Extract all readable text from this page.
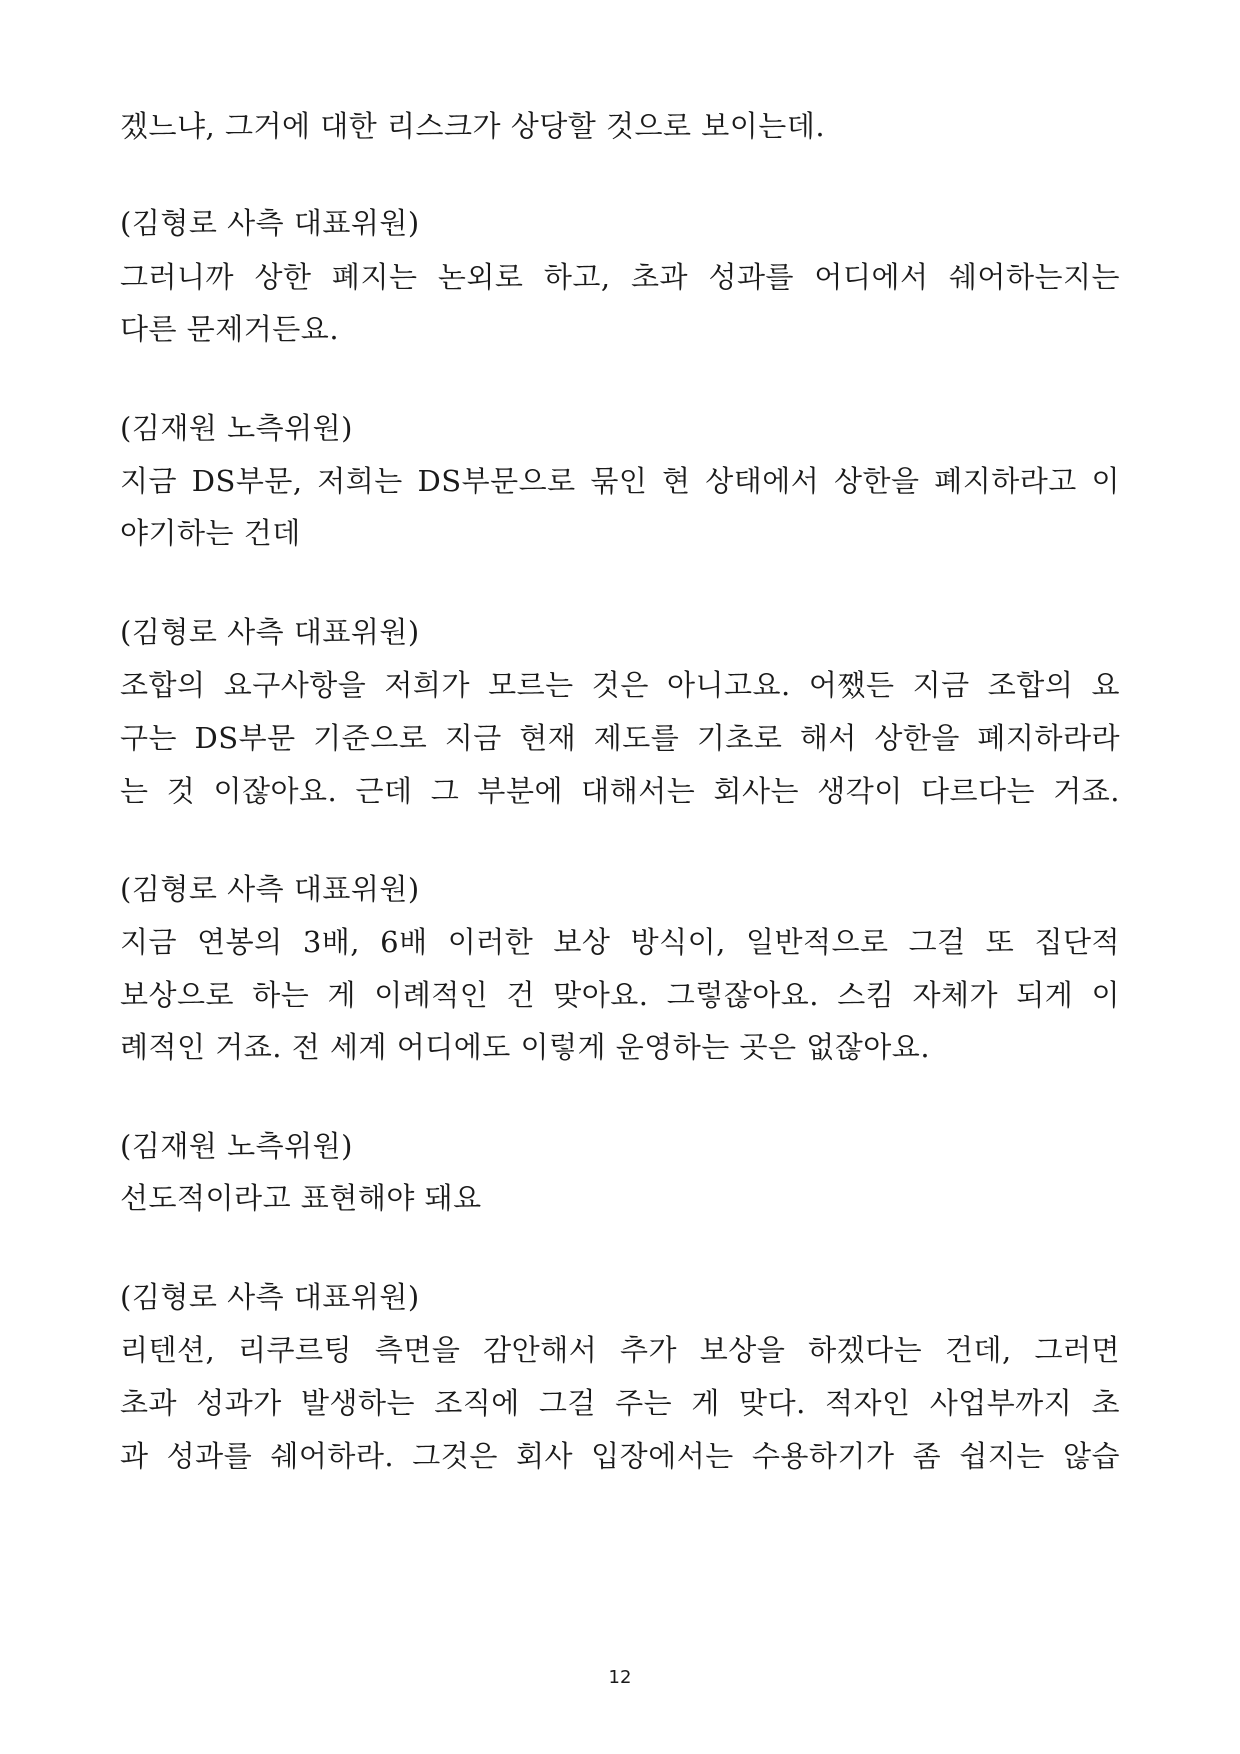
겠느냐, 그거에 대한 리스크가 상당할 것으로 보이는데.
(김형로 사측 대표위원)
그러니까 상한 폐지는 논외로 하고, 초과 성과를 어디에서 쉐어하는지는
다른 문제거든요.
(김재원 노측위원)
지금 DS부문, 저희는 DS부문으로 묶인 현 상태에서 상한을 폐지하라고 이
야기하는 건데
(김형로 사측 대표위원)
조합의 요구사항을 저희가 모르는 것은 아니고요. 어쨌든 지금 조합의 요
구는 DS부문 기준으로 지금 현재 제도를 기초로 해서 상한을 폐지하라라
는 것 이잖아요. 근데 그 부분에 대해서는 회사는 생각이 다르다는 거죠.
(김형로 사측 대표위원)
지금 연봉의 3배, 6배 이러한 보상 방식이, 일반적으로 그걸 또 집단적
보상으로 하는 게 이례적인 건 맞아요. 그렇잖아요. 스킴 자체가 되게 이
례적인 거죠. 전 세계 어디에도 이렇게 운영하는 곳은 없잖아요.
(김재원 노측위원)
선도적이라고 표현해야 돼요
(김형로 사측 대표위원)
리텐션, 리쿠르팅 측면을 감안해서 추가 보상을 하겠다는 건데, 그러면
초과 성과가 발생하는 조직에 그걸 주는 게 맞다. 적자인 사업부까지 초
과 성과를 쉐어하라. 그것은 회사 입장에서는 수용하기가 좀 쉽지는 않습
12
